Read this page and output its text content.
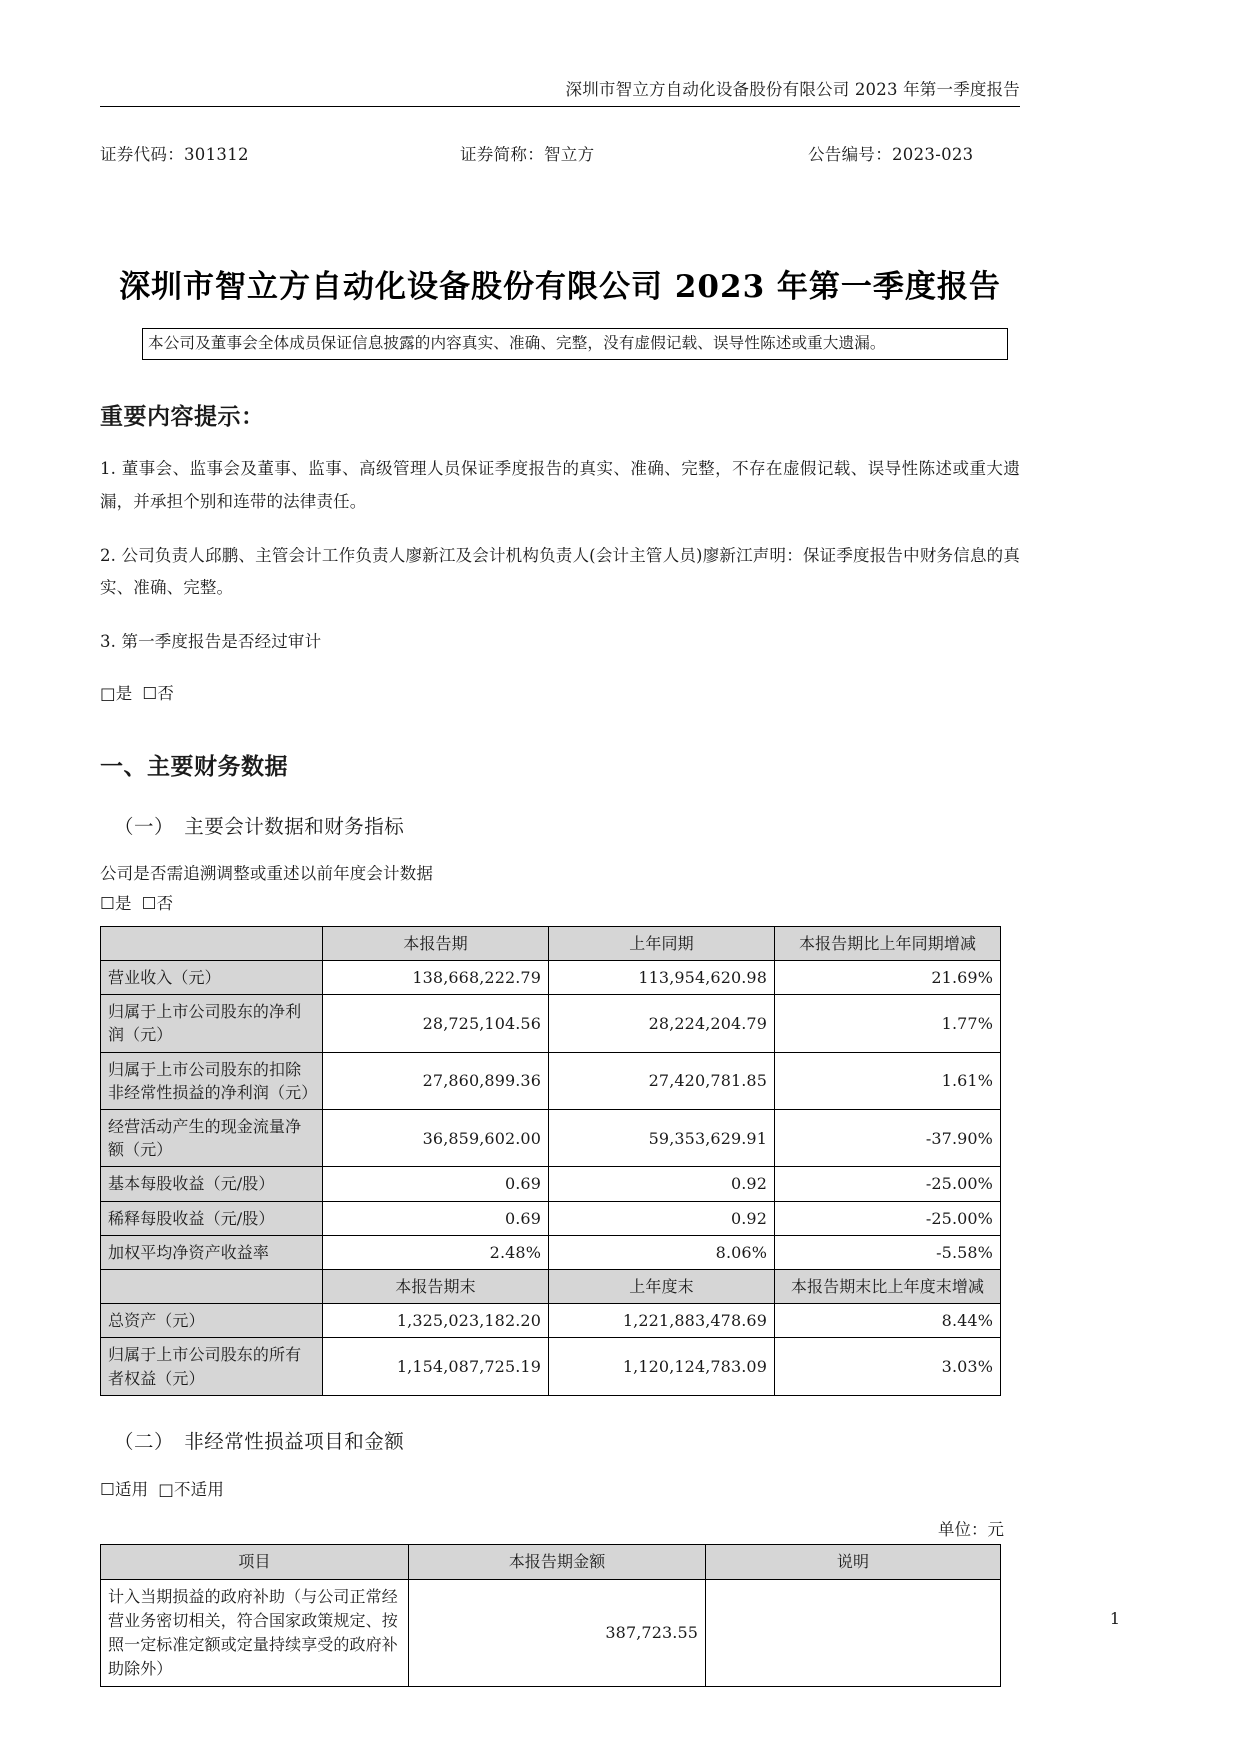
深圳市智立方自动化设备股份有限公司 2023 年第一季度报告
证券代码：301312	证券简称：智立方	公告编号：2023-023
深圳市智立方自动化设备股份有限公司 2023 年第一季度报告
本公司及董事会全体成员保证信息披露的内容真实、准确、完整，没有虚假记载、误导性陈述或重大遗漏。
重要内容提示：
1. 董事会、监事会及董事、监事、高级管理人员保证季度报告的真实、准确、完整，不存在虚假记载、误导性陈述或重大遗漏，并承担个别和连带的法律责任。
2. 公司负责人邱鹏、主管会计工作负责人廖新江及会计机构负责人(会计主管人员)廖新江声明：保证季度报告中财务信息的真实、准确、完整。
3. 第一季度报告是否经过审计
□是 ☐否
一、主要财务数据
（一）　主要会计数据和财务指标
公司是否需追溯调整或重述以前年度会计数据
☐是 ☐否
	本报告期	上年同期	本报告期比上年同期增减
营业收入（元）	138,668,222.79	113,954,620.98	21.69%
归属于上市公司股东的净利润（元）	28,725,104.56	28,224,204.79	1.77%
归属于上市公司股东的扣除非经常性损益的净利润（元）	27,860,899.36	27,420,781.85	1.61%
经营活动产生的现金流量净额（元）	36,859,602.00	59,353,629.91	-37.90%
基本每股收益（元/股）	0.69	0.92	-25.00%
稀释每股收益（元/股）	0.69	0.92	-25.00%
加权平均净资产收益率	2.48%	8.06%	-5.58%
	本报告期末	上年度末	本报告期末比上年度末增减
总资产（元）	1,325,023,182.20	1,221,883,478.69	8.44%
归属于上市公司股东的所有者权益（元）	1,154,087,725.19	1,120,124,783.09	3.03%
（二）　非经常性损益项目和金额
☐适用 □不适用
单位：元
项目	本报告期金额	说明
计入当期损益的政府补助（与公司正常经营业务密切相关，符合国家政策规定、按照一定标准定额或定量持续享受的政府补助除外）	387,723.55	
1
